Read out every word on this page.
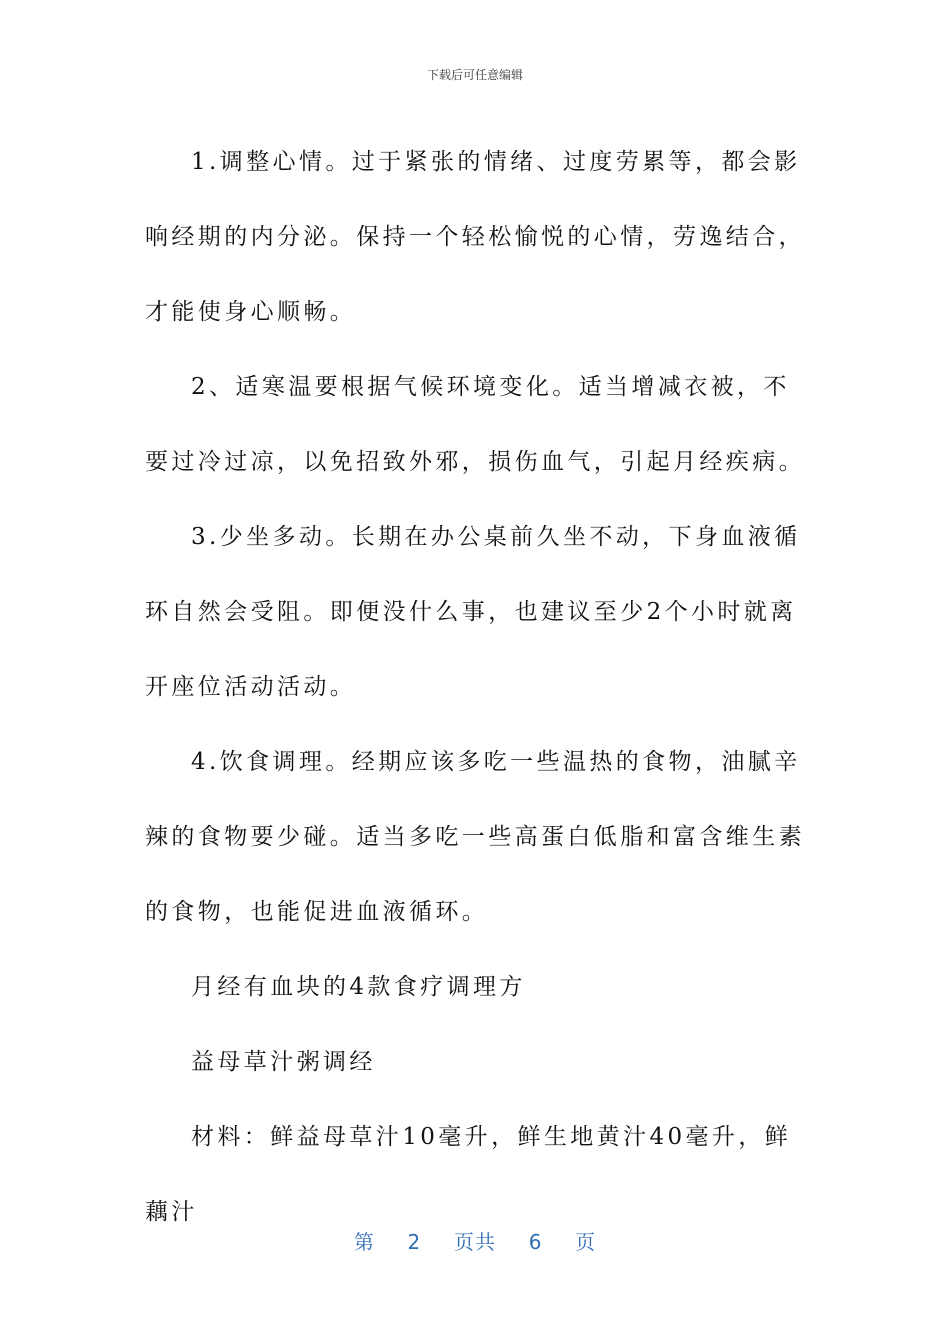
下载后可任意编辑

1.调整心情。过于紧张的情绪、过度劳累等，都会影响经期的内分泌。保持一个轻松愉悦的心情，劳逸结合，才能使身心顺畅。

2、适寒温要根据气候环境变化。适当增减衣被，不要过冷过凉，以免招致外邪，损伤血气，引起月经疾病。

3.少坐多动。长期在办公桌前久坐不动，下身血液循环自然会受阻。即便没什么事，也建议至少2个小时就离开座位活动活动。

4.饮食调理。经期应该多吃一些温热的食物，油腻辛辣的食物要少碰。适当多吃一些高蛋白低脂和富含维生素的食物，也能促进血液循环。

月经有血块的4款食疗调理方

益母草汁粥调经

材料：鲜益母草汁10毫升，鲜生地黄汁40毫升，鲜藕汁

第 2 页共 6 页
